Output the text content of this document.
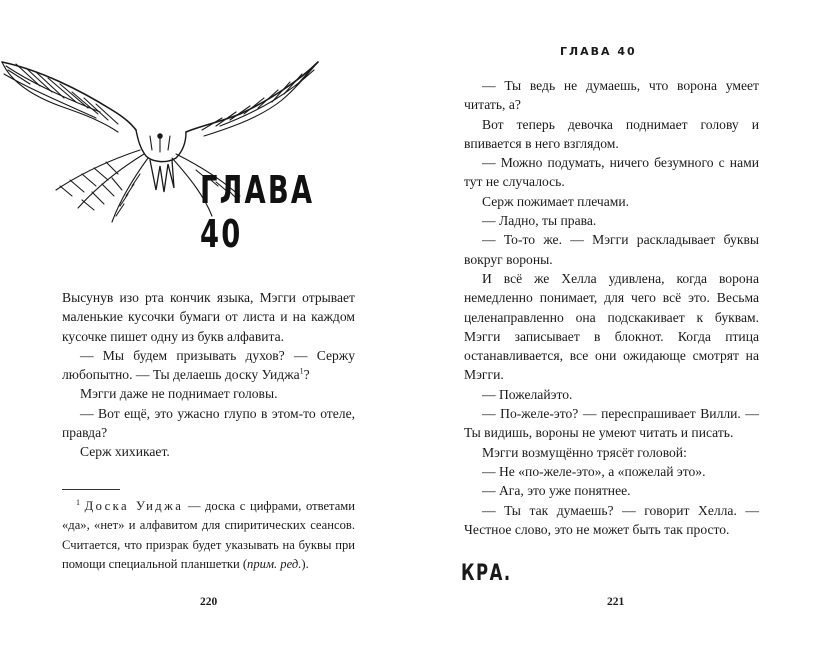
ГЛАВА 40

Высунув изо рта кончик языка, Мэгги отрывает маленькие кусочки бумаги от листа и на каждом кусочке пишет одну из букв алфавита.

— Мы будем призывать духов? — Сержу любопытно. — Ты делаешь доску Уиджа$^1$?

Мэгги даже не поднимает головы.

— Вот ещё, это ужасно глупо в этом-то отеле, правда?

Серж хихикает.

$^1$ Доска Уиджа — доска с цифрами, ответами «да», «нет» и алфавитом для спиритических сеансов. Считается, что призрак будет указывать на буквы при помощи специальной планшетки (прим. ред.).

220
ГЛАВА 40

— Ты ведь не думаешь, что ворона умеет читать, а?

Вот теперь девочка поднимает голову и впивается в него взглядом.

— Можно подумать, ничего безумного с нами тут не случалось.

Серж пожимает плечами.

— Ладно, ты права.

— То-то же. — Мэгги раскладывает буквы вокруг вороны.

И всё же Хелла удивлена, когда ворона немедленно понимает, для чего всё это. Весьма целенаправленно она подскакивает к буквам. Мэгги записывает в блокнот. Когда птица останавливается, все они ожидающе смотрят на Мэгги.

— Пожелайэто.

— По-желе-это? — переспрашивает Вилли. — Ты видишь, вороны не умеют читать и писать.

Мэгги возмущённо трясёт головой:

— Не «по-желе-это», а «пожелай это».

— Ага, это уже понятнее.

— Ты так думаешь? — говорит Хелла. — Честное слово, это не может быть так просто.

КРА.
221
